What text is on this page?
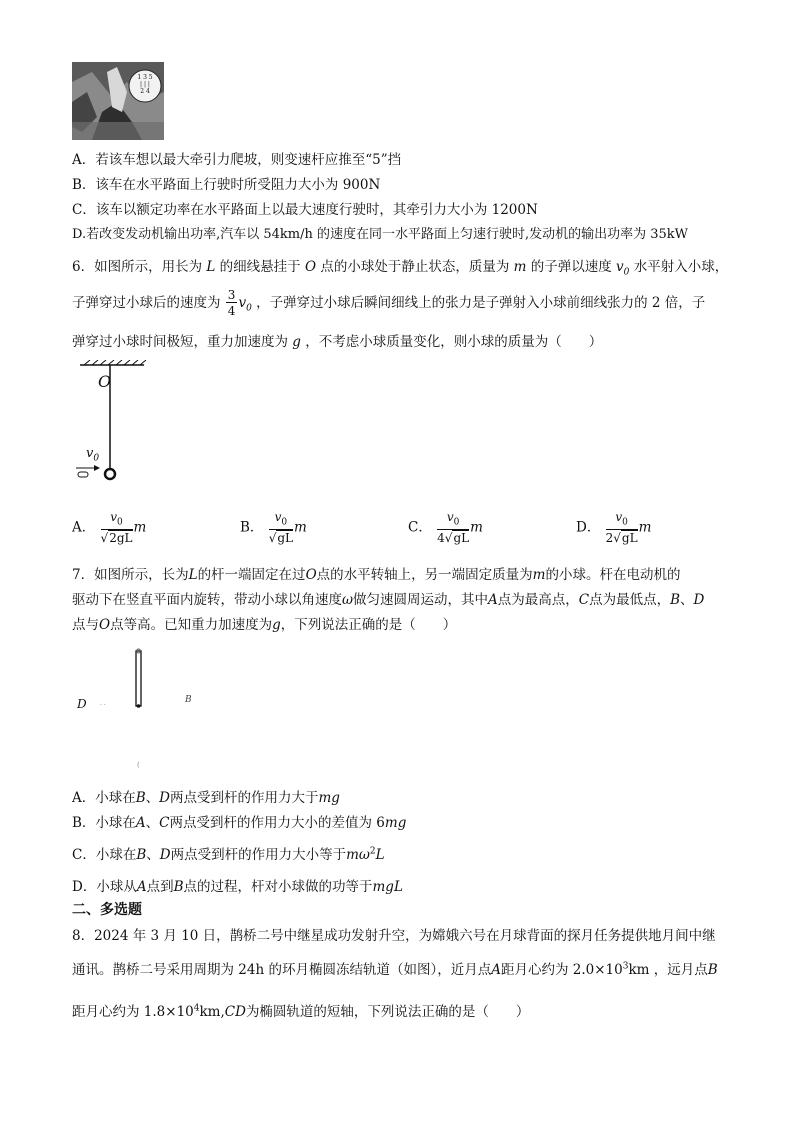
1 3 5
| | |
2 4
A．若该车想以最大牵引力爬坡，则变速杆应推至“5”挡
B．该车在水平路面上行驶时所受阻力大小为 900N
C．该车以额定功率在水平路面上以最大速度行驶时，其牵引力大小为 1200N
D.若改变发动机输出功率,汽车以 54km/h 的速度在同一水平路面上匀速行驶时,发动机的输出功率为 35kW
6．如图所示，用长为 L 的细线悬挂于 O 点的小球处于静止状态，质量为 m 的子弹以速度 $v_0$ 水平射入小球，
子弹穿过小球后的速度为 $\frac{3}{4} v_0$ ，子弹穿过小球后瞬间细线上的张力是子弹射入小球前细线张力的 2 倍，子
弹穿过小球时间极短，重力加速度为 g ，不考虑小球质量变化，则小球的质量为（　　）
O
$v_0$
A． $\frac{v_0}{√2gL}$ m	B． $\frac{v_0}{√gL}$ m	C． $\frac{v_0}{4√gL}$ m	D． $\frac{v_0}{2√gL}$ m
7．如图所示，长为L的杆一端固定在过O点的水平转轴上，另一端固定质量为m的小球。杆在电动机的
驱动下在竖直平面内旋转，带动小球以角速度ω做匀速圆周运动，其中A点为最高点，C点为最低点，B、D
点与O点等高。已知重力加速度为g，下列说法正确的是（　　）
· ·
(
D	B
A．小球在B、D两点受到杆的作用力大于mg
B．小球在A、C两点受到杆的作用力大小的差值为 6mg
C．小球在B、D两点受到杆的作用力大小等于$m\omega^2L$
D．小球从A点到B点的过程，杆对小球做的功等于mgL
二、多选题
8．2024 年 3 月 10 日，鹊桥二号中继星成功发射升空，为嫦娥六号在月球背面的探月任务提供地月间中继
通讯。鹊桥二号采用周期为 24h 的环月椭圆冻结轨道（如图），近月点A距月心约为 $2.0\times 10^3km$ ，远月点B
距月心约为 $1.8\times 10^4km,CD$为椭圆轨道的短轴，下列说法正确的是（　　）
